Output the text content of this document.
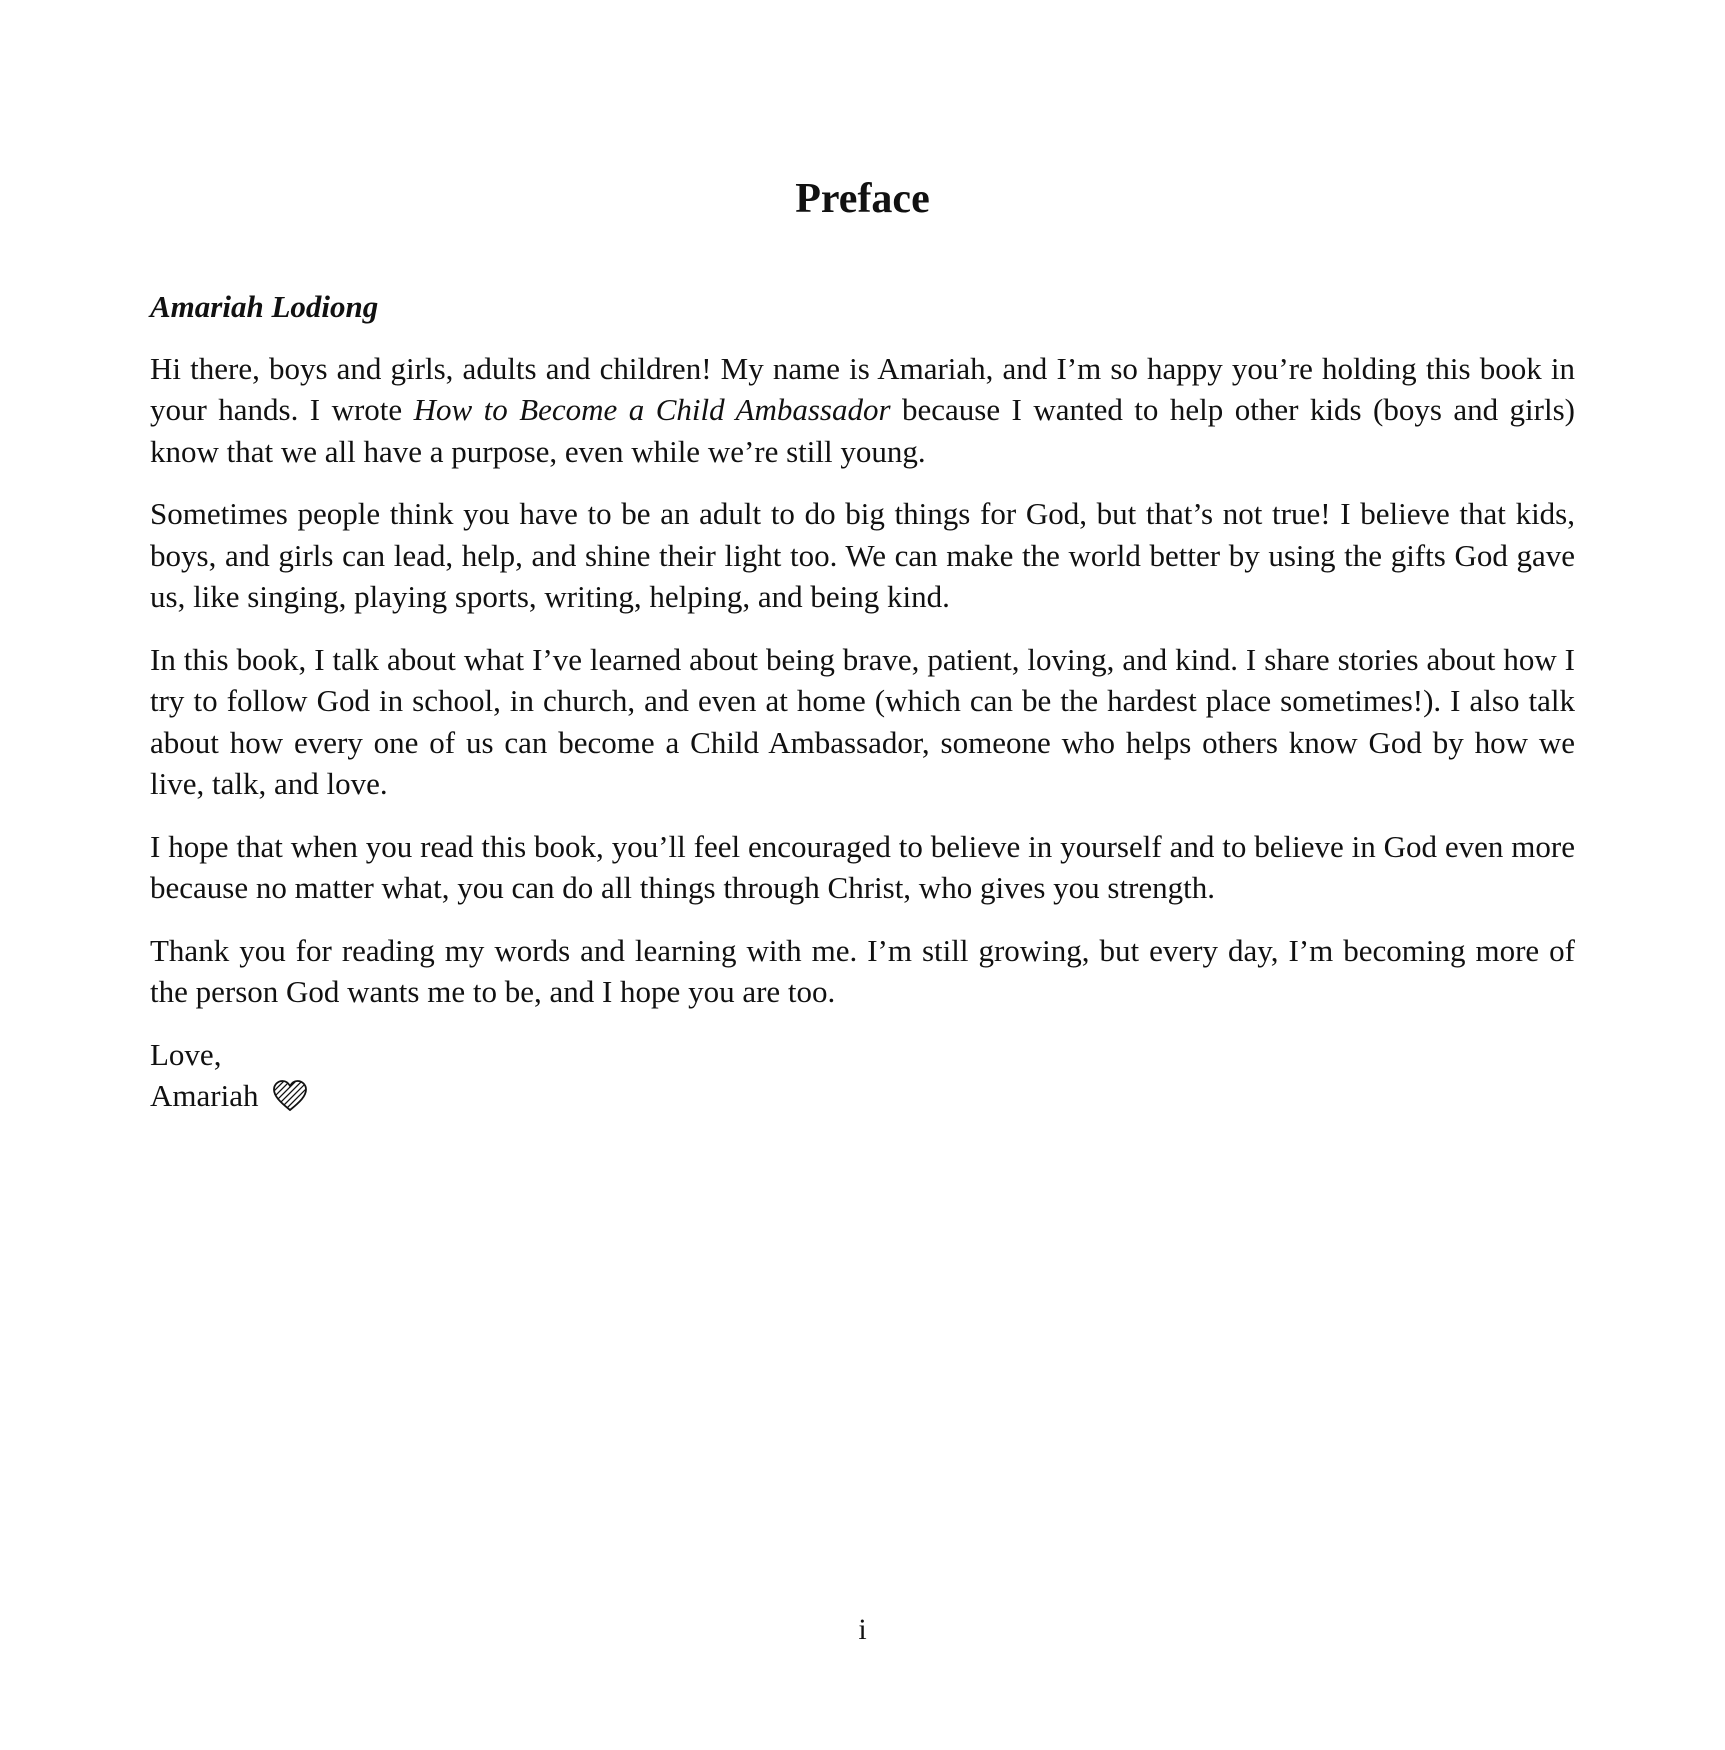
Preface

Amariah Lodiong

Hi there, boys and girls, adults and children! My name is Amariah, and I’m so happy you’re holding this book in your hands. I wrote How to Become a Child Ambassador because I wanted to help other kids (boys and girls) know that we all have a purpose, even while we’re still young.

Sometimes people think you have to be an adult to do big things for God, but that’s not true! I believe that kids, boys, and girls can lead, help, and shine their light too. We can make the world better by using the gifts God gave us, like singing, playing sports, writing, helping, and being kind.

In this book, I talk about what I’ve learned about being brave, patient, loving, and kind. I share stories about how I try to follow God in school, in church, and even at home (which can be the hardest place sometimes!). I also talk about how every one of us can become a Child Ambassador, someone who helps others know God by how we live, talk, and love.

I hope that when you read this book, you’ll feel encouraged to believe in yourself and to believe in God even more because no matter what, you can do all things through Christ, who gives you strength.

Thank you for reading my words and learning with me. I’m still growing, but every day, I’m becoming more of the person God wants me to be, and I hope you are too.

Love,

Amariah

i
